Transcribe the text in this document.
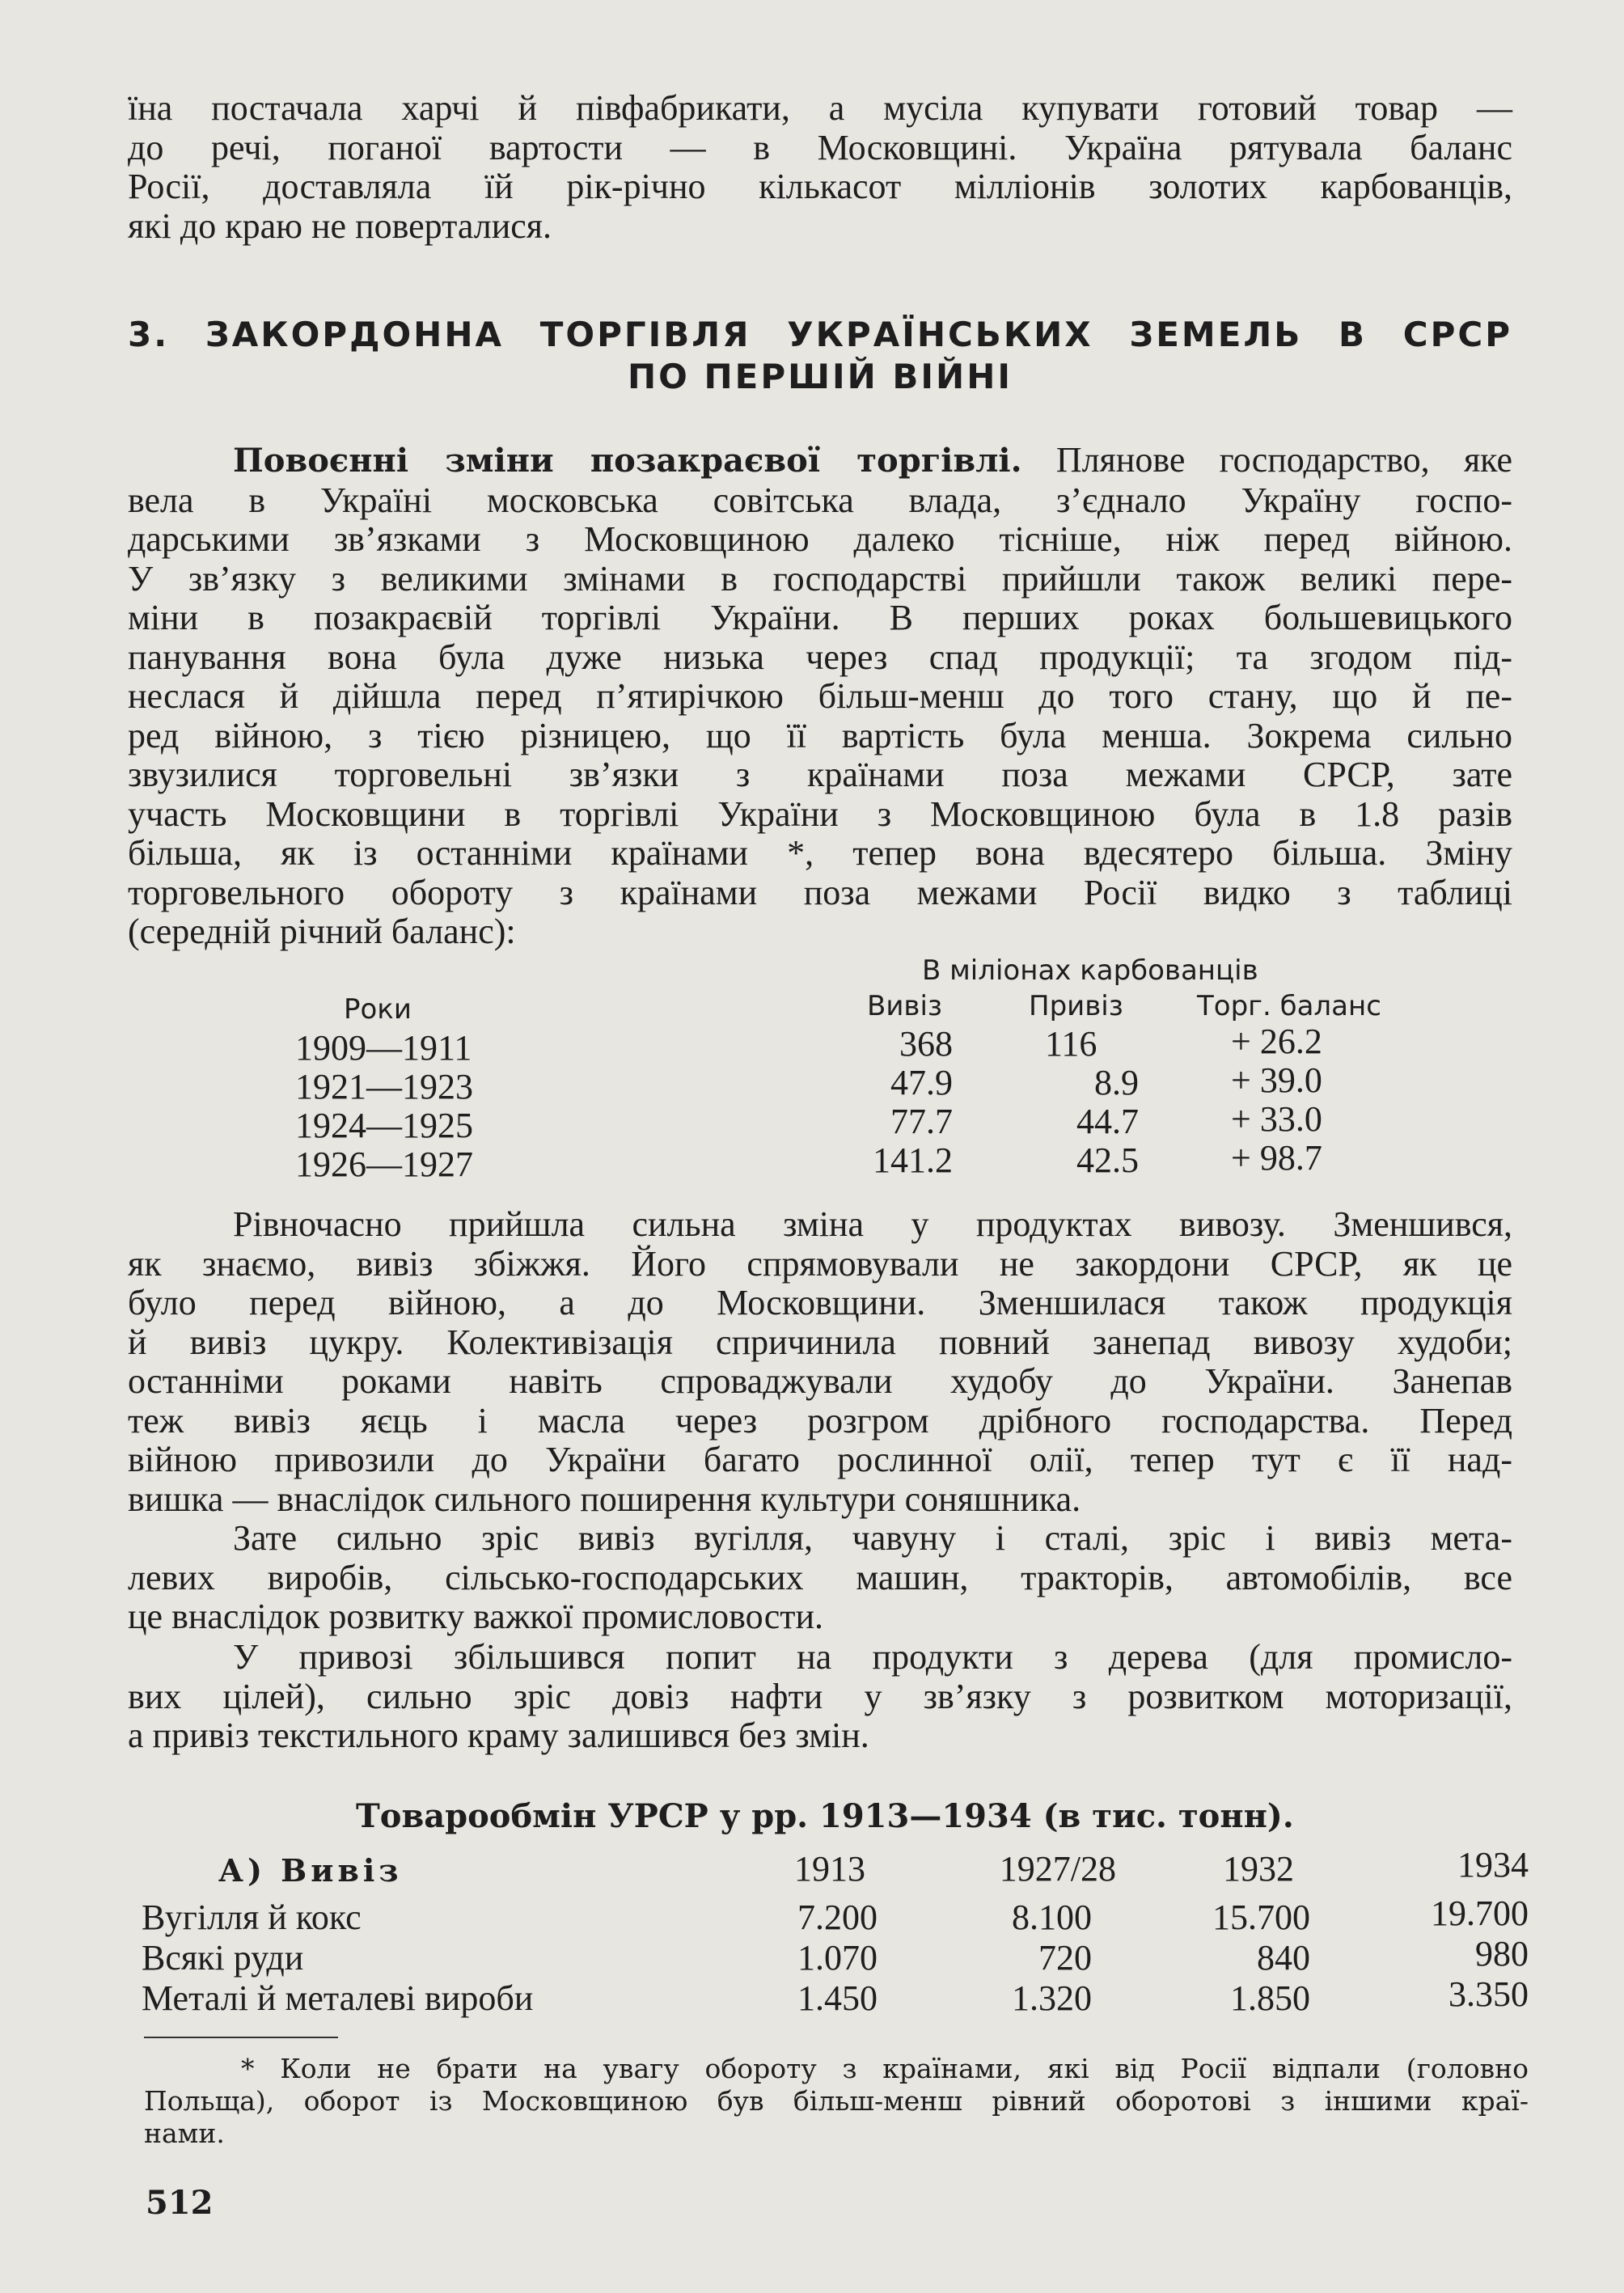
їна постачала харчі й півфабрикати, а мусіла купувати готовий товар —
до речі, поганої вартости — в Московщині. Україна рятувала баланс
Росії, доставляла їй рік-річно кількасот мілліонів золотих карбованців,
які до краю не поверталися.
3. ЗАКОРДОННА ТОРГІВЛЯ УКРАЇНСЬКИХ ЗЕМЕЛЬ В СРСР
ПО ПЕРШІЙ ВІЙНІ
Повоєнні зміни позакраєвої торгівлі. Плянове господарство, яке
вела в Україні московська совітська влада, з’єднало Україну госпо-
дарськими зв’язками з Московщиною далеко тісніше, ніж перед війною.
У зв’язку з великими змінами в господарстві прийшли також великі пере-
міни в позакраєвій торгівлі України. В перших роках большевицького
панування вона була дуже низька через спад продукції; та згодом під-
неслася й дійшла перед п’ятирічкою більш-менш до того стану, що й пе-
ред війною, з тією різницею, що її вартість була менша. Зокрема сильно
звузилися торговельні зв’язки з країнами поза межами СРСР, зате
участь Московщини в торгівлі України з Московщиною була в 1.8 разів
більша, як із останніми країнами *, тепер вона вдесятеро більша. Зміну
торговельного обороту з країнами поза межами Росії видко з таблиці
(середній річний баланс):
В міліонах карбованців
Роки	Вивіз	Привіз	Торг. баланс
1909—1911	368	116	+ 26.2
1921—1923	47.9	8.9	+ 39.0
1924—1925	77.7	44.7	+ 33.0
1926—1927	141.2	42.5	+ 98.7
Рівночасно прийшла сильна зміна у продуктах вивозу. Зменшився,
як знаємо, вивіз збіжжя. Його спрямовували не закордони СРСР, як це
було перед війною, а до Московщини. Зменшилася також продукція
й вивіз цукру. Колективізація спричинила повний занепад вивозу худоби;
останніми роками навіть спроваджували худобу до України. Занепав
теж вивіз яєць і масла через розгром дрібного господарства. Перед
війною привозили до України багато рослинної олії, тепер тут є її над-
вишка — внаслідок сильного поширення культури соняшника.
Зате сильно зріс вивіз вугілля, чавуну і сталі, зріс і вивіз мета-
левих виробів, сільсько-господарських машин, тракторів, автомобілів, все
це внаслідок розвитку важкої промисловости.
У привозі збільшився попит на продукти з дерева (для промисло-
вих цілей), сильно зріс довіз нафти у зв’язку з розвитком моторизації,
а привіз текстильного краму залишився без змін.
Товарообмін УРСР у рр. 1913—1934 (в тис. тонн).
А) Вивіз	1913	1927/28	1932	1934
Вугілля й кокс	7.200	8.100	15.700	19.700
Всякі руди	1.070	720	840	980
Металі й металеві вироби	1.450	1.320	1.850	3.350
* Коли не брати на увагу обороту з країнами, які від Росії відпали (головно
Польща), оборот із Московщиною був більш-менш рівний оборотові з іншими краї-
нами.
512
